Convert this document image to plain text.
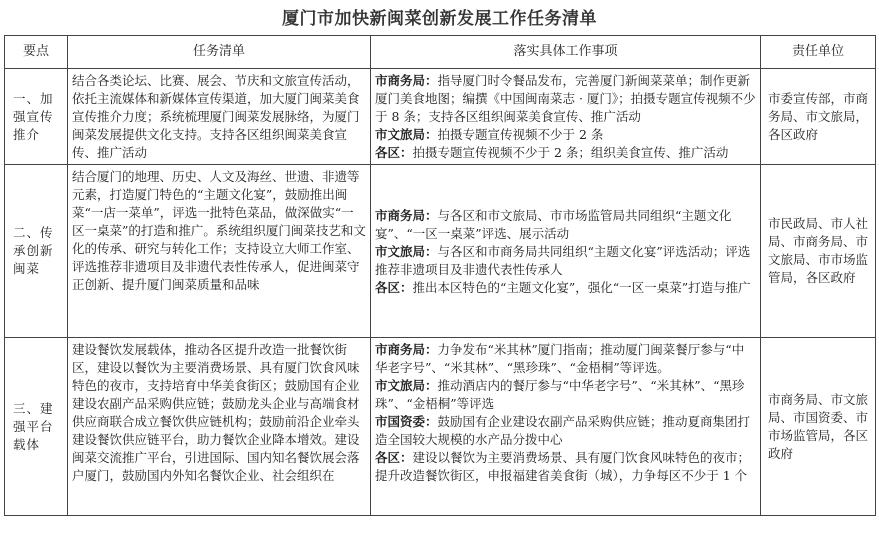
厦门市加快新闽菜创新发展工作任务清单
要点	任务清单	落实具体工作事项	责任单位
一、加强宣传推介	结合各类论坛、比赛、展会、节庆和文旅宣传活动，依托主流媒体和新媒体宣传渠道，加大厦门闽菜美食宣传推介力度；系统梳理厦门闽菜发展脉络，为厦门闽菜发展提供文化支持。支持各区组织闽菜美食宣传、推广活动	市商务局：指导厦门时令餐品发布，完善厦门新闽菜菜单；制作更新厦门美食地图；编撰《中国闽南菜志 · 厦门》；拍摄专题宣传视频不少于 8 条；支持各区组织闽菜美食宣传、推广活动
市文旅局：拍摄专题宣传视频不少于 2 条
各区：拍摄专题宣传视频不少于 2 条；组织美食宣传、推广活动	市委宣传部，市商务局、市文旅局，各区政府
二、传承创新闽菜	结合厦门的地理、历史、人文及海丝、世遗、非遗等元素，打造厦门特色的“主题文化宴”，鼓励推出闽菜“一店一菜单”，评选一批特色菜品，做深做实“一区一桌菜”的打造和推广。系统组织厦门闽菜技艺和文化的传承、研究与转化工作；支持设立大师工作室、评选推荐非遗项目及非遗代表性传承人，促进闽菜守正创新、提升厦门闽菜质量和品味	市商务局：与各区和市文旅局、市市场监管局共同组织“主题文化宴”、“一区一桌菜”评选、展示活动
市文旅局：与各区和市商务局共同组织“主题文化宴”评选活动；评选推荐非遗项目及非遗代表性传承人
各区：推出本区特色的“主题文化宴”，强化“一区一桌菜”打造与推广	市民政局、市人社局、市商务局、市文旅局、市市场监管局，各区政府
三、建强平台载体	建设餐饮发展载体，推动各区提升改造一批餐饮街区，建设以餐饮为主要消费场景、具有厦门饮食风味特色的夜市，支持培育中华美食街区；鼓励国有企业建设农副产品采购供应链；鼓励龙头企业与高端食材供应商联合成立餐饮供应链机构；鼓励前沿企业牵头建设餐饮供应链平台，助力餐饮企业降本增效。建设闽菜交流推广平台，引进国际、国内知名餐饮展会落户厦门，鼓励国内外知名餐饮企业、社会组织在	市商务局：力争发布“米其林”厦门指南；推动厦门闽菜餐厅参与“中华老字号”、“米其林”、“黑珍珠”、“金梧桐”等评选。
市文旅局：推动酒店内的餐厅参与“中华老字号”、“米其林”、“黑珍珠”、“金梧桐”等评选
市国资委：鼓励国有企业建设农副产品采购供应链；推动夏商集团打造全国较大规模的水产品分拨中心
各区：建设以餐饮为主要消费场景、具有厦门饮食风味特色的夜市；提升改造餐饮街区，申报福建省美食街（城），力争每区不少于 1 个	市商务局、市文旅局、市国资委、市市场监管局，各区政府
